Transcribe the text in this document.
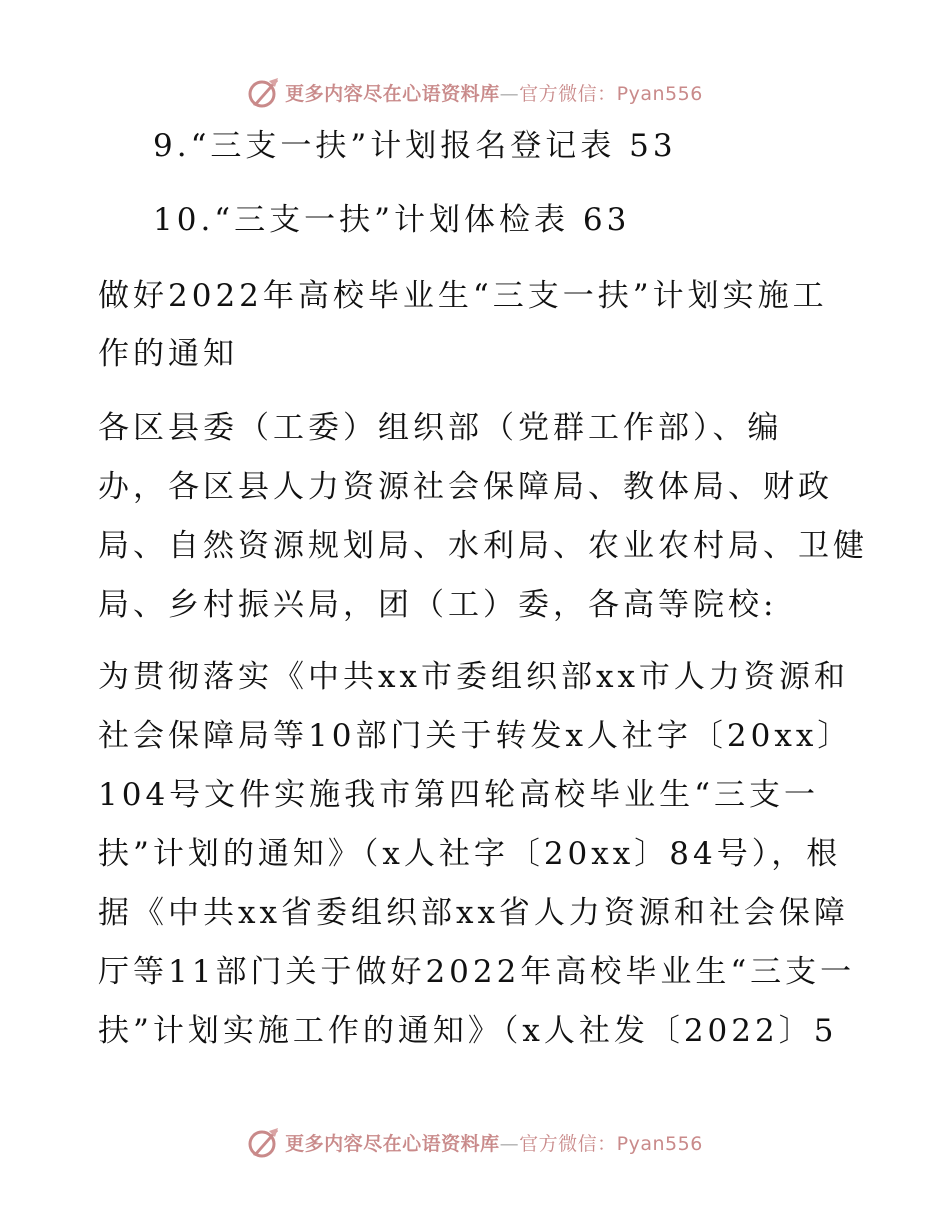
更多内容尽在心语资料库—官方微信：Pyan556
9.“三支一扶”计划报名登记表 53
10.“三支一扶”计划体检表 63
做好2022年高校毕业生“三支一扶”计划实施工
作的通知
各区县委（工委）组织部（党群工作部）、编
办，各区县人力资源社会保障局、教体局、财政
局、自然资源规划局、水利局、农业农村局、卫健
局、乡村振兴局，团（工）委，各高等院校:
为贯彻落实《中共xx市委组织部xx市人力资源和
社会保障局等10部门关于转发x人社字〔20xx〕
104号文件实施我市第四轮高校毕业生“三支一
扶”计划的通知》（x人社字〔20xx〕84号），根
据《中共xx省委组织部xx省人力资源和社会保障
厅等11部门关于做好2022年高校毕业生“三支一
扶”计划实施工作的通知》（x人社发〔2022〕5
更多内容尽在心语资料库—官方微信：Pyan556
